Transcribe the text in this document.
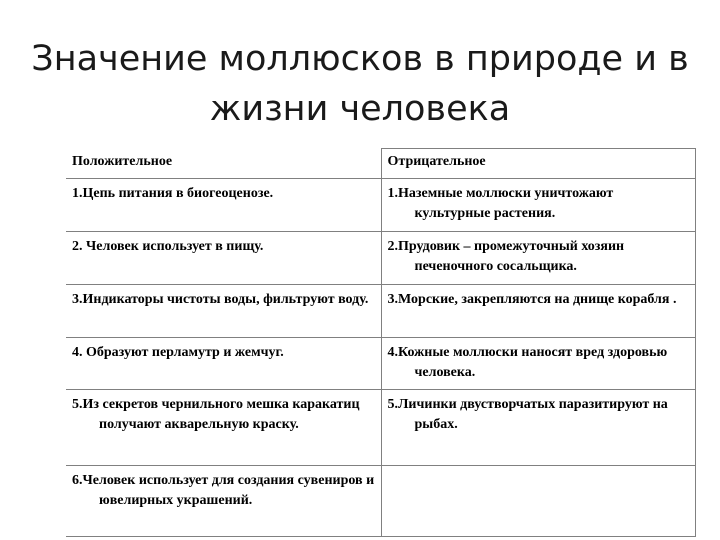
Значение моллюсков в природе и в
жизни человека
Положительное	Отрицательное

1.Цепь питания в биогеоценозе.	1.Наземные моллюски уничтожают культурные растения.

2. Человек использует в пищу.	2.Прудовик – промежуточный хозяин печеночного сосальщика.

3.Индикаторы чистоты воды, фильтруют воду.	3.Морские, закрепляются на днище корабля .

4. Образуют перламутр и жемчуг.	4.Кожные моллюски наносят вред здоровью человека.

5.Из секретов чернильного мешка каракатиц получают акварельную краску.	5.Личинки двустворчатых паразитируют на рыбах.

6.Человек использует для создания сувениров и ювелирных украшений.	
